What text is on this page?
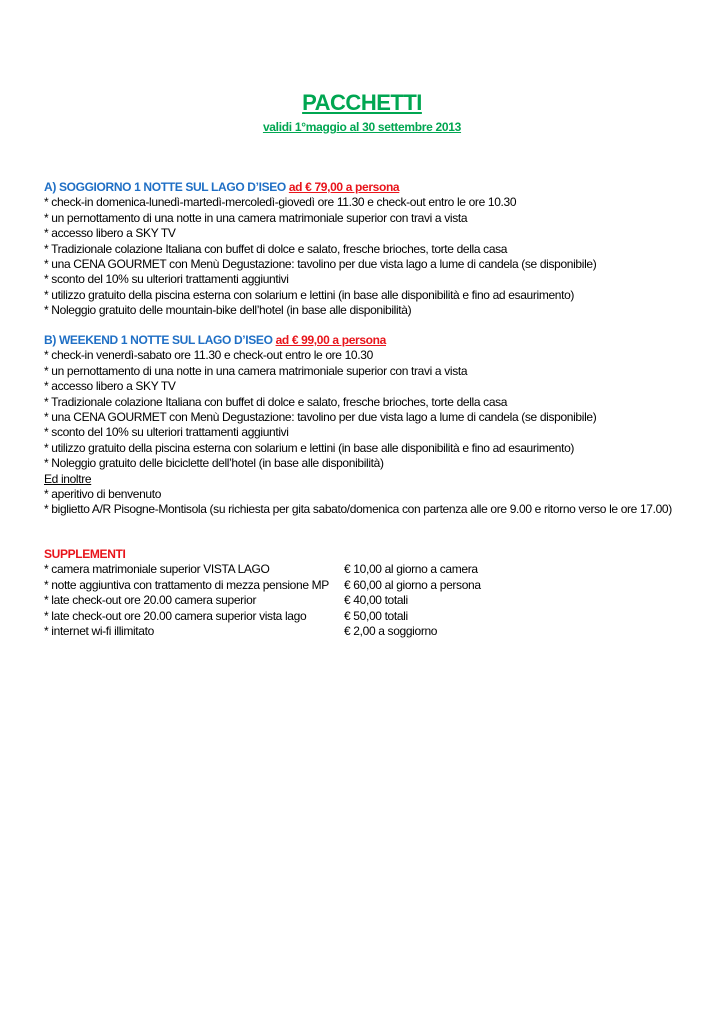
PACCHETTI
validi 1°maggio al 30 settembre 2013
A) SOGGIORNO 1 NOTTE SUL LAGO D’ISEO ad € 79,00 a persona
* check-in domenica-lunedì-martedì-mercoledì-giovedì ore 11.30 e check-out entro le ore 10.30
* un pernottamento di una notte in una camera matrimoniale superior con travi a vista
* accesso libero a SKY TV
* Tradizionale colazione Italiana con buffet di dolce e salato, fresche brioches, torte della casa
* una CENA GOURMET con Menù Degustazione: tavolino per due vista lago a lume di candela (se disponibile)
* sconto del 10% su ulteriori trattamenti aggiuntivi
* utilizzo gratuito della piscina esterna con solarium e lettini (in base alle disponibilità e fino ad esaurimento)
* Noleggio gratuito delle mountain-bike dell’hotel (in base alle disponibilità)
B) WEEKEND 1 NOTTE SUL LAGO D’ISEO ad € 99,00 a persona
* check-in venerdì-sabato ore 11.30 e check-out entro le ore 10.30
* un pernottamento di una notte in una camera matrimoniale superior con travi a vista
* accesso libero a SKY TV
* Tradizionale colazione Italiana con buffet di dolce e salato, fresche brioches, torte della casa
* una CENA GOURMET con Menù Degustazione: tavolino per due vista lago a lume di candela (se disponibile)
* sconto del 10% su ulteriori trattamenti aggiuntivi
* utilizzo gratuito della piscina esterna con solarium e lettini (in base alle disponibilità e fino ad esaurimento)
* Noleggio gratuito delle biciclette dell’hotel (in base alle disponibilità)
Ed inoltre
* aperitivo di benvenuto
* biglietto A/R Pisogne-Montisola (su richiesta per gita sabato/domenica con partenza alle ore 9.00 e ritorno verso le ore 17.00)
SUPPLEMENTI
* camera matrimoniale superior VISTA LAGO	€ 10,00 al giorno a camera
* notte aggiuntiva con trattamento di mezza pensione MP	€ 60,00 al giorno a persona
* late check-out ore 20.00 camera superior	€ 40,00 totali
* late check-out ore 20.00 camera superior vista lago	€ 50,00 totali
* internet wi-fi illimitato	€ 2,00 a soggiorno
